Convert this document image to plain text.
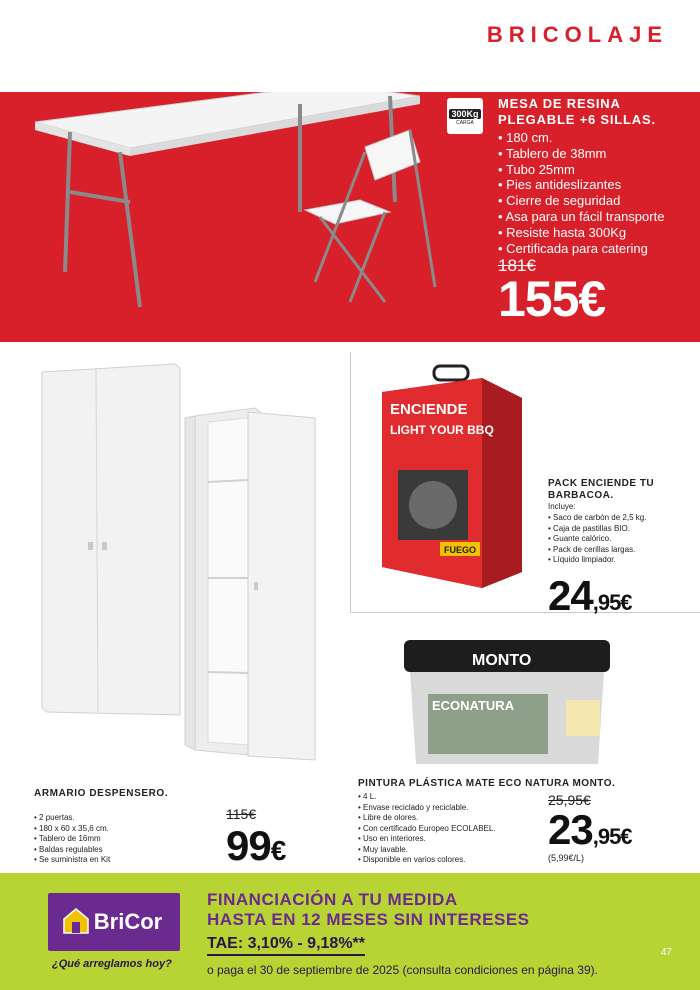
BRICOLAJE
300Kg
CARGA
MESA DE RESINA
PLEGABLE +6 SILLAS.
• 180 cm.
• Tablero de 38mm
• Tubo 25mm
• Pies antideslizantes
• Cierre de seguridad
• Asa para un fácil transporte
• Resiste hasta 300Kg
• Certificada para catering
181€
155€
ARMARIO DESPENSERO.
• 2 puertas.
• 180 x 60 x 35,6 cm.
• Tablero de 16mm
• Baldas regulables
• Se suministra en Kit
115€
99€
ENCIENDE
LIGHT YOUR BBQ
FUEGO
PACK ENCIENDE TU BARBACOA.
Incluye:
• Saco de carbón de 2,5 kg.
• Caja de pastillas BIO.
• Guante calórico.
• Pack de cerillas largas.
• Líquido limpiador.
24,95€
MONTO
ECONATURA
PINTURA PLÁSTICA MATE ECO NATURA MONTO.
• 4 L.
• Envase reciclado y reciclable.
• Libre de olores.
• Con certificado Europeo ECOLABEL.
• Uso en interiores.
• Muy lavable.
• Disponible en varios colores.
25,95€
23,95€
(5,99€/L)
BriCor
¿Qué arreglamos hoy?
FINANCIACIÓN A TU MEDIDA
HASTA EN 12 MESES SIN INTERESES
TAE: 3,10% - 9,18%**
o paga el 30 de septiembre de 2025 (consulta condiciones en página 39).
47
